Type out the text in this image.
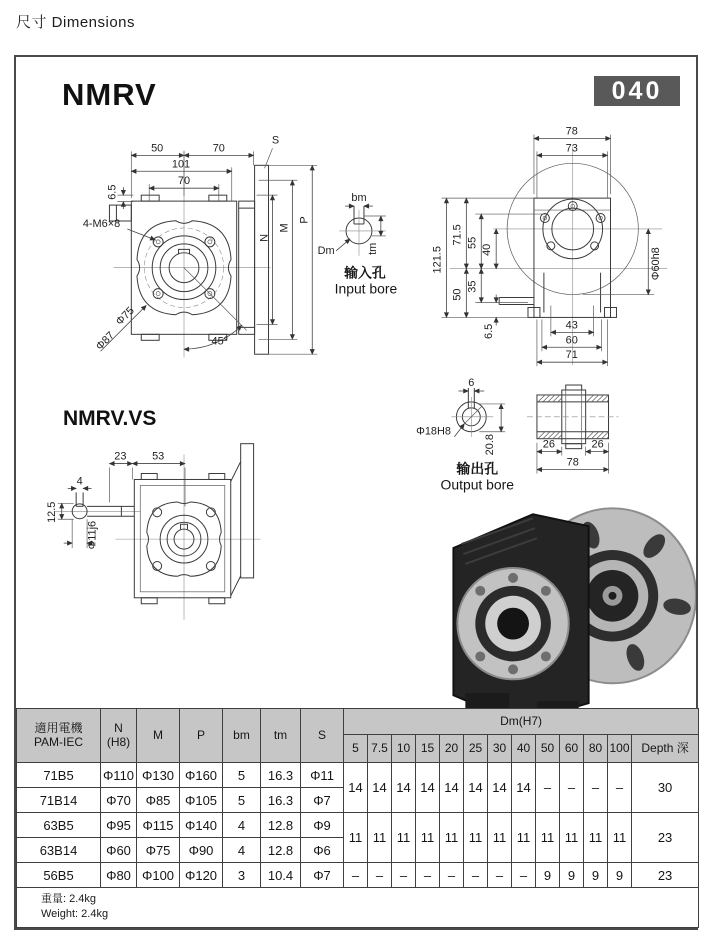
尺寸 Dimensions
NMRV
NMRV.VS
040
50	70
101
70
6.5
4-M6×8
S
N
M
P
Φ75
Φ87	45°
bm
Dm	tm
输入孔
Input bore
78
73
121.5
71.5 55
40
50
35
6.5
Φ60h8
43
60
71
6
Φ18H8
20.8
输出孔
Output bore
26	26
78
23 53
4
12.5
Φ11j6
適用電機
PAM-IEC

N
(H8)	M	P	bm	tm	S	Dm(H7)
							5	7.5	10	15	20	25	30	40	50	60	80	100	Depth 深
71B5	Φ110	Φ130	Φ160	5	16.3	Φ11	14	14	14	14	14	14	14	14	–	–	–	–	30
71B14	Φ70	Φ85	Φ105	5	16.3	Φ7													
63B5	Φ95	Φ115	Φ140	4	12.8	Φ9	11	11	11	11	11	11	11	11	11	11	11	11	23
63B14	Φ60	Φ75	Φ90	4	12.8	Φ6													
56B5	Φ80	Φ100	Φ120	3	10.4	Φ7	–	–	–	–	–	–	–	–	9	9	9	9	23

重量: 2.4kg
Weight: 2.4kg																			
